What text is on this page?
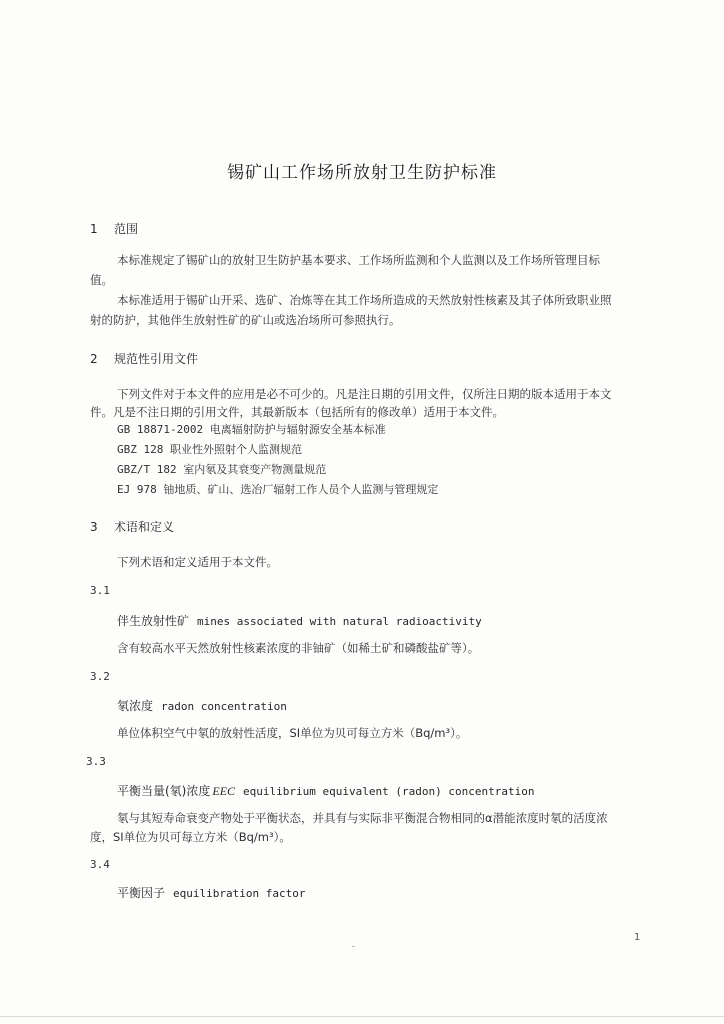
锡矿山工作场所放射卫生防护标准
1 范围
本标准规定了锡矿山的放射卫生防护基本要求、工作场所监测和个人监测以及工作场所管理目标
值。
本标准适用于锡矿山开采、选矿、冶炼等在其工作场所造成的天然放射性核素及其子体所致职业照
射的防护，其他伴生放射性矿的矿山或选冶场所可参照执行。
2 规范性引用文件
下列文件对于本文件的应用是必不可少的。凡是注日期的引用文件，仅所注日期的版本适用于本文
件。凡是不注日期的引用文件，其最新版本（包括所有的修改单）适用于本文件。
GB 18871-2002 电离辐射防护与辐射源安全基本标准
GBZ 128 职业性外照射个人监测规范
GBZ/T 182 室内氡及其衰变产物测量规范
EJ 978 铀地质、矿山、选冶厂辐射工作人员个人监测与管理规定
3 术语和定义
下列术语和定义适用于本文件。
3.1
伴生放射性矿 mines associated with natural radioactivity
含有较高水平天然放射性核素浓度的非铀矿（如稀土矿和磷酸盐矿等）。
3.2
氡浓度 radon concentration
单位体积空气中氡的放射性活度，SI单位为贝可每立方米（Bq/m³）。
3.3
平衡当量(氡)浓度 EEC equilibrium equivalent (radon) concentration
氡与其短寿命衰变产物处于平衡状态，并具有与实际非平衡混合物相同的α潜能浓度时氡的活度浓
度，SI单位为贝可每立方米（Bq/m³）。
3.4
平衡因子 equilibration factor
1
